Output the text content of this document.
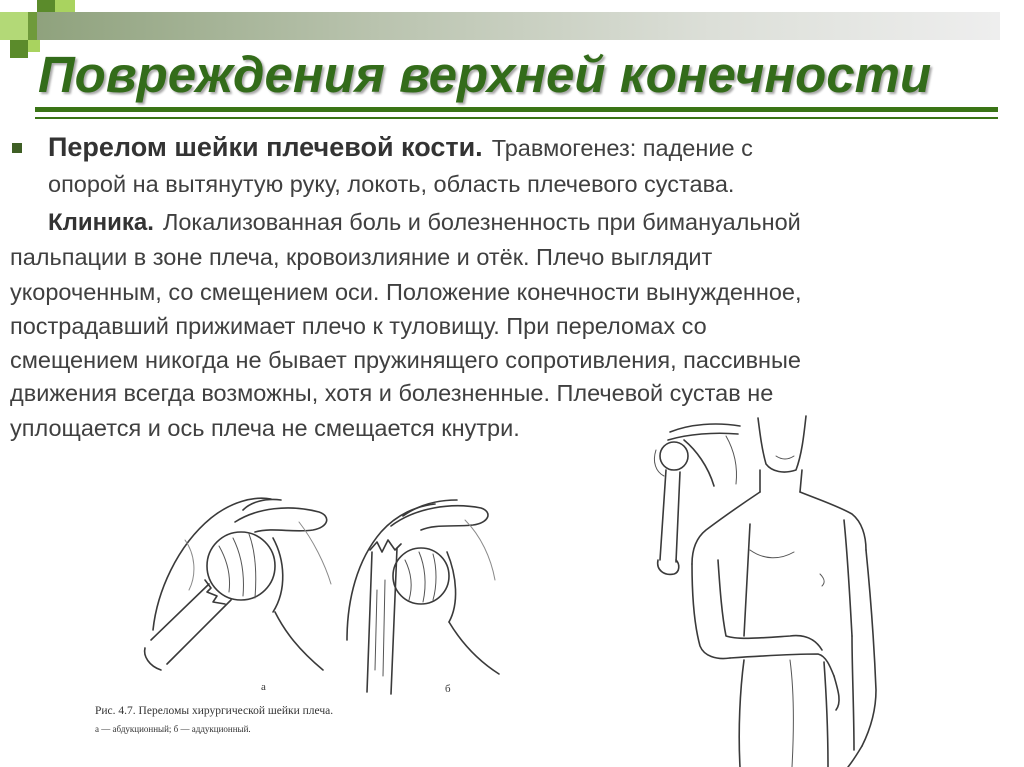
Повреждения верхней конечности
Перелом шейки плечевой кости. Травмогенез: падение с
опорой на вытянутую руку, локоть, область плечевого сустава.
Клиника. Локализованная боль и болезненность при бимануальной
пальпации в зоне плеча, кровоизлияние и отёк. Плечо выглядит
укороченным, со смещением оси. Положение конечности вынужденное,
пострадавший прижимает плечо к туловищу. При переломах со
смещением никогда не бывает пружинящего сопротивления, пассивные
движения всегда возможны, хотя и болезненные. Плечевой сустав не
уплощается и ось плеча не смещается кнутри.
а	б
Рис. 4.7. Переломы хирургической шейки плеча.
а — абдукционный; б — аддукционный.
